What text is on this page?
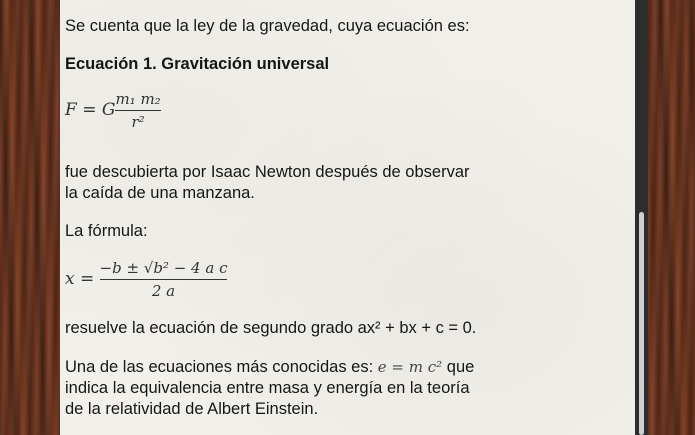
Se cuenta que la ley de la gravedad, cuya ecuación es:

Ecuación 1. Gravitación universal

F = G $\frac{\text{m₁ m₂}}{\text{r²}}$

fue descubierta por Isaac Newton después de observar

la caída de una manzana.

La fórmula:

$x = \frac{\text{−b ± √b² − 4 a c}}{2 a}$

resuelve la ecuación de segundo grado ax² + bx + c = 0.

Una de las ecuaciones más conocidas es: e = m c² que

indica la equivalencia entre masa y energía en la teoría

de la relatividad de Albert Einstein.
